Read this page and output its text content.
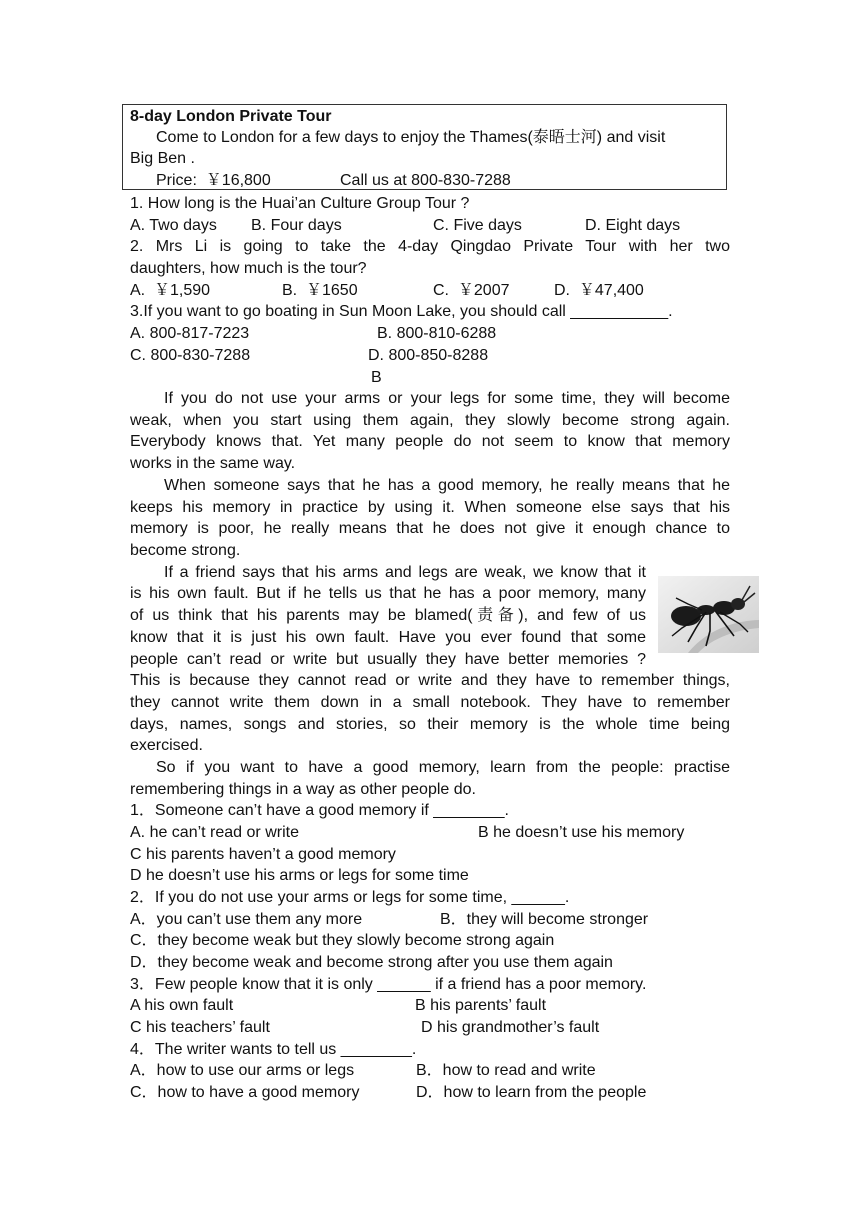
8-day London Private Tour
Come to London for a few days to enjoy the Thames(泰晤士河) and visit
Big Ben .
Price:  ￥16,800	Call us at 800-830-7288
1. How long is the Huai’an Culture Group Tour ?
A. Two days B. Four days	C. Five days	D. Eight days
2. Mrs Li is going to take the 4-day Qingdao Private Tour with her two
daughters, how much is the tour?
A.  ￥1,590	B.  ￥1650	C.  ￥2007	D.  ￥47,400
3.If you want to go boating in Sun Moon Lake, you should call ___________.
A. 800-817-7223	B. 800-810-6288
C. 800-830-7288	D. 800-850-8288
B
If you do not use your arms or your legs for some time, they will become
weak, when you start using them again, they slowly become strong again.
Everybody knows that. Yet many people do not seem to know that memory
works in the same way.
When someone says that he has a good memory, he really means that he
keeps his memory in practice by using it. When someone else says that his
memory is poor, he really means that he does not give it enough chance to
become strong.
If a friend says that his arms and legs are weak, we know that it
is his own fault. But if he tells us that he has a poor memory, many
of us think that his parents may be blamed(责备), and few of us
know that it is just his own fault. Have you ever found that some
people can’t read or write but usually they have better memories ?
This is because they cannot read or write and they have to remember things,
they cannot write them down in a small notebook. They have to remember
days, names, songs and stories, so their memory is the whole time being
exercised.
So if you want to have a good memory, learn from the people: practise
remembering things in a way as other people do.
1．Someone can’t have a good memory if ________.
A. he can’t read or write	B he doesn’t use his memory
C his parents haven’t a good memory
D he doesn’t use his arms or legs for some time
2．If you do not use your arms or legs for some time, ______.
A．you can’t use them any more	B．they will become stronger
C．they become weak but they slowly become strong again
D．they become weak and become strong after you use them again
3．Few people know that it is only ______ if a friend has a poor memory.
A his own fault	B his parents’ fault
C his teachers’ fault	D his grandmother’s fault
4．The writer wants to tell us ________.
A．how to use our arms or legs	B．how to read and write
C．how to have a good memory	D．how to learn from the people
